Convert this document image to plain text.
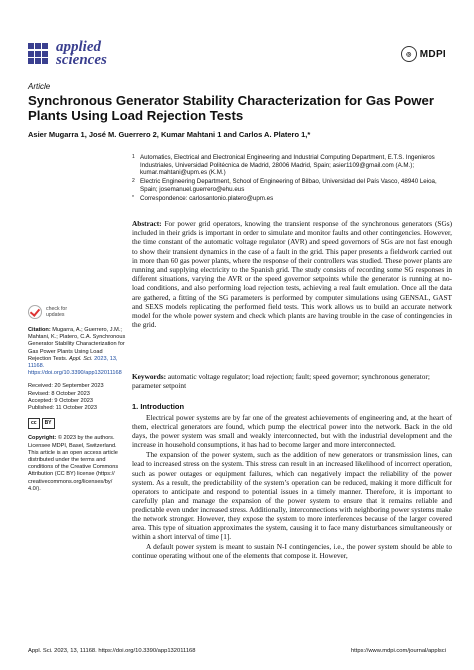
applied
sciences	◎ MDPI
Article
Synchronous Generator Stability Characterization for Gas Power Plants Using Load Rejection Tests
Asier Mugarra 1, José M. Guerrero 2, Kumar Mahtani 1 and Carlos A. Platero 1,*
1 Automatics, Electrical and Electronical Engineering and Industrial Computing Department, E.T.S. Ingenieros Industriales, Universidad Politécnica de Madrid, 28006 Madrid, Spain; asier1109@gmail.com (A.M.); kumar.mahtani@upm.es (K.M.)
2 Electric Engineering Department, School of Engineering of Bilbao, Universidad del País Vasco, 48940 Leioa, Spain; josemanuel.guerrero@ehu.eus
* Correspondence: carlosantonio.platero@upm.es
Abstract: For power grid operators, knowing the transient response of the synchronous generators (SGs) included in their grids is important in order to simulate and monitor faults and other contingencies. However, the time constant of the automatic voltage regulator (AVR) and speed governors of SGs are not fast enough to show their transient dynamics in the case of a fault in the grid. This paper presents a fieldwork carried out in more than 60 gas power plants, where the response of their controllers was studied. These power plants are running and supplying electricity to the Spanish grid. The study consists of recording some SG responses in different situations, varying the AVR or the speed governor setpoints while the generator is running at no-load conditions, and also performing load rejection tests, achieving a real fault emulation. Once all the data are gathered, a fitting of the SG parameters is performed by computer simulations using GENSAL, GAST and SEXS models replicating the performed field tests. This work allows us to build an accurate network model for the whole power system and check which plants are having trouble in the case of contingencies in the grid.
Keywords: automatic voltage regulator; load rejection; fault; speed governor; synchronous generator; parameter setpoint
check for
updates
Citation: Mugarra, A.; Guerrero, J.M.; Mahtani, K.; Platero, C.A. Synchronous Generator Stability Characterization for Gas Power Plants Using Load Rejection Tests. Appl. Sci. 2023, 13, 11168. https://doi.org/10.3390/app132011168
Received: 20 September 2023
Revised: 8 October 2023
Accepted: 9 October 2023
Published: 11 October 2023
cc	BY
Copyright: © 2023 by the authors. Licensee MDPI, Basel, Switzerland. This article is an open access article distributed under the terms and conditions of the Creative Commons Attribution (CC BY) license (https:// creativecommons.org/licenses/by/ 4.0/).
1. Introduction

Electrical power systems are by far one of the greatest achievements of engineering and, at the heart of them, electrical generators are found, which pump the electrical power into the network. Back in the old days, the power system was small and weakly interconnected, but with the industrial development and the increase in household consumptions, it has had to become larger and more interconnected.

The expansion of the power system, such as the addition of new generators or transmission lines, can lead to increased stress on the system. This stress can result in an increased likelihood of incorrect operation, such as power outages or equipment failures, which can negatively impact the reliability of the power system. As a result, the predictability of the system’s operation can be reduced, making it more difficult for operators to anticipate and respond to potential issues in a timely manner. Therefore, it is important to carefully plan and manage the expansion of the power system to ensure that it remains reliable and predictable even under increased stress. Additionally, interconnections with neighboring power systems make the network stronger. However, they expose the system to more interferences because of the larger covered area. This type of situation approximates the system, causing it to face many disturbances simultaneously or within a short interval of time [1].

A default power system is meant to sustain N-I contingencies, i.e., the power system should be able to continue operating without one of the elements that compose it. However,

Appl. Sci. 2023, 13, 11168. https://doi.org/10.3390/app132011168	https://www.mdpi.com/journal/applsci
